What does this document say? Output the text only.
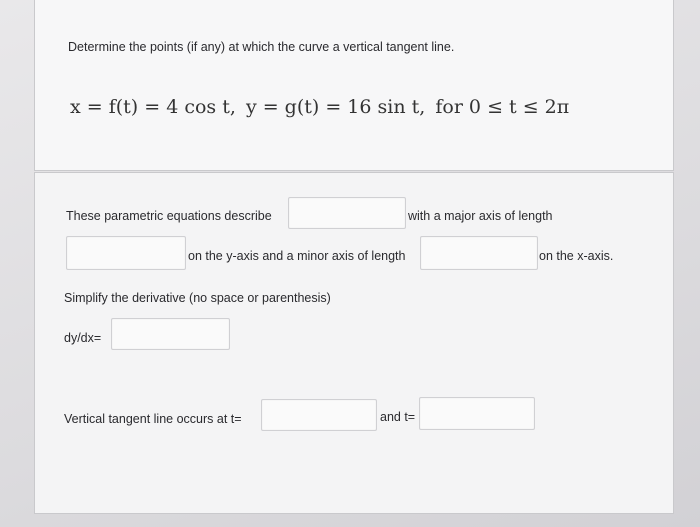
Determine the points (if any) at which the curve a vertical tangent line.
x = f(t) = 4 cos t, y = g(t) = 16 sin t, for 0 ≤ t ≤ 2π
These parametric equations describe	with a major axis of length
on the y-axis and a minor axis of length	on the x-axis.
Simplify the derivative (no space or parenthesis)
dy/dx=
Vertical tangent line occurs at t=	and t=
